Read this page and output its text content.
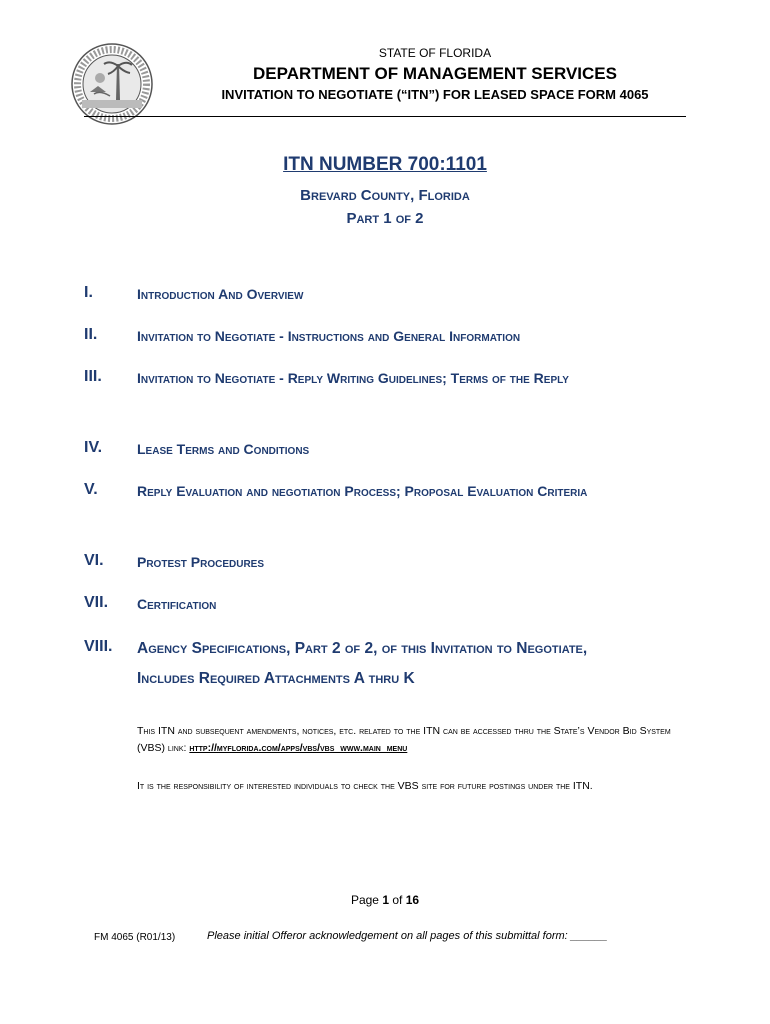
STATE OF FLORIDA
DEPARTMENT OF MANAGEMENT SERVICES
INVITATION TO NEGOTIATE (“ITN”) FOR LEASED SPACE FORM 4065
ITN NUMBER 700:1101
Brevard County, Florida
Part 1 of 2
I.	Introduction And Overview
II.	Invitation to Negotiate - Instructions and General Information
III.	Invitation to Negotiate - Reply Writing Guidelines; Terms of the Reply
IV. Lease Terms and Conditions
V.	Reply Evaluation and negotiation Process; Proposal Evaluation Criteria
VI. Protest Procedures
VII. Certification
VIII. Agency Specifications, Part 2 of 2, of this Invitation to Negotiate, Includes Required Attachments A thru K
This ITN and subsequent amendments, notices, etc. related to the ITN can be accessed thru the State’s Vendor Bid System (VBS) link: http://myflorida.com/apps/vbs/vbs_www.main_menu
It is the responsibility of interested individuals to check the VBS site for future postings under the ITN.
Page 1 of 16
FM 4065 (R01/13)	Please initial Offeror acknowledgement on all pages of this submittal form: ______
